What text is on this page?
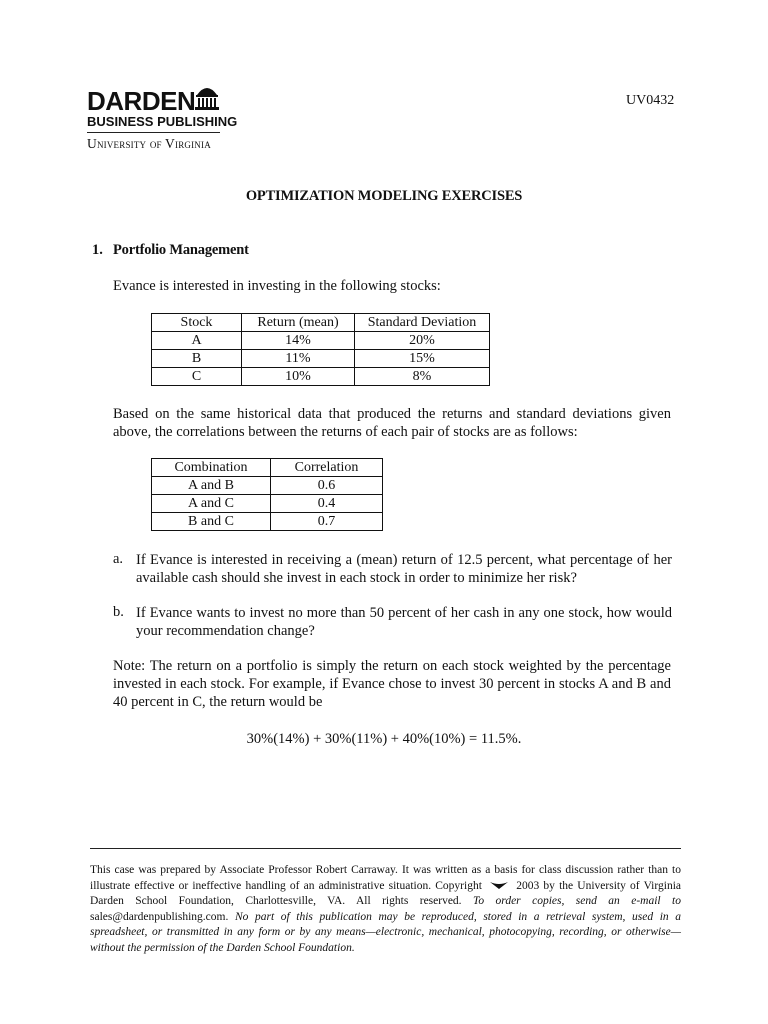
DARDEN
BUSINESS PUBLISHING
University of Virginia
UV0432
OPTIMIZATION MODELING EXERCISES
1. Portfolio Management
Evance is interested in investing in the following stocks:
Stock	Return (mean)	Standard Deviation
A	14%	20%
B	11%	15%
C	10%	8%
Based on the same historical data that produced the returns and standard deviations given above, the correlations between the returns of each pair of stocks are as follows:
Combination	Correlation
A and B	0.6
A and C	0.4
B and C	0.7
a. If Evance is interested in receiving a (mean) return of 12.5 percent, what percentage of her available cash should she invest in each stock in order to minimize her risk?
b. If Evance wants to invest no more than 50 percent of her cash in any one stock, how would your recommendation change?
Note: The return on a portfolio is simply the return on each stock weighted by the percentage invested in each stock. For example, if Evance chose to invest 30 percent in stocks A and B and 40 percent in C, the return would be
30%(14%) + 30%(11%) + 40%(10%) = 11.5%.
This case was prepared by Associate Professor Robert Carraway. It was written as a basis for class discussion rather than to illustrate effective or ineffective handling of an administrative situation. Copyright	2003 by the University of Virginia Darden School Foundation, Charlottesville, VA. All rights reserved. To order copies, send an e-mail to sales@dardenpublishing.com. No part of this publication may be reproduced, stored in a retrieval system, used in a spreadsheet, or transmitted in any form or by any means—electronic, mechanical, photocopying, recording, or otherwise—without the permission of the Darden School Foundation.
